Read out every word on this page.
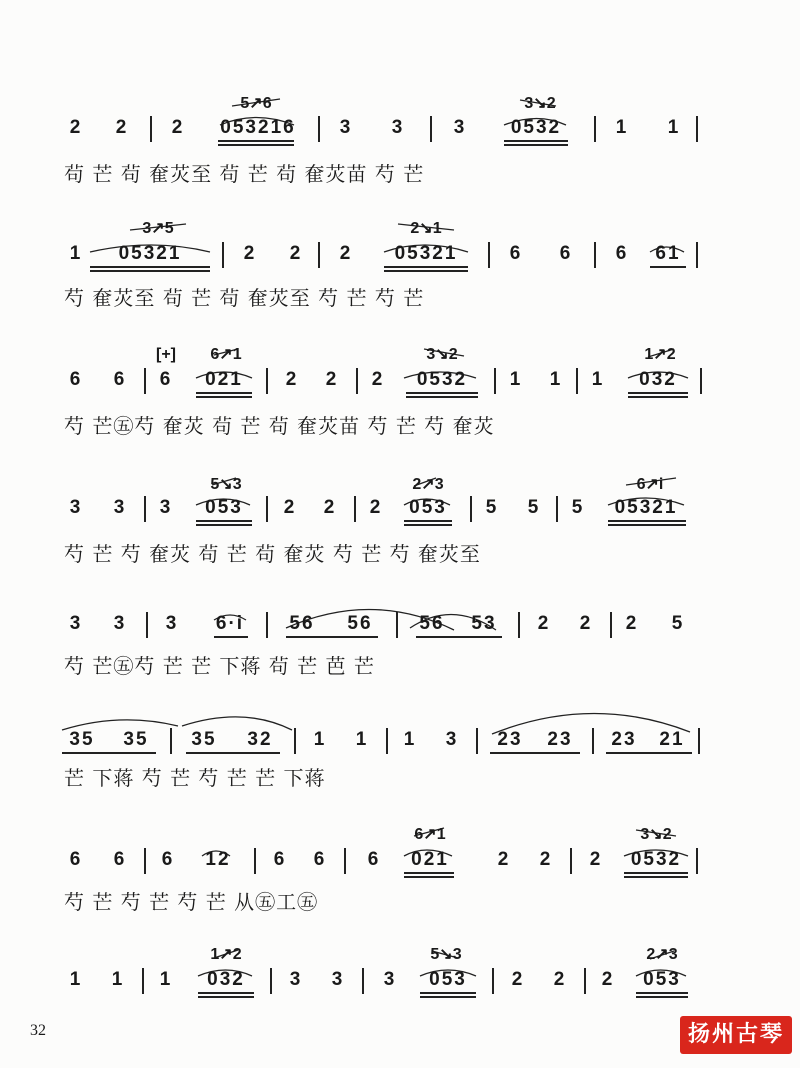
5↗6	3↘2
2 2 2 053216 3 3	3 0532	1 1
茍 芒 茍 奞苂至 茍 芒 茍 奞苂苗 芍 芒
3↗5	2↘1
1 05321	2 2 2 05321	6 6 6 61
芍 奞苂至 茍 芒 茍 奞苂至 芍 芒 芍 芒
[+] 6↗1	3↘2	1↗2
6 6 6 021 2 2 2 0532 1 1 1 032
芍 芒㊄芍 奞苂 茍 芒 茍 奞苂苗 芍 芒 芍 奞苂
5↘3	2↗3	6↗i
3 3 3 053 2 2 2 053 5 5 5 05321
芍 芒 芍 奞苂 茍 芒 茍 奞苂 芍 芒 芍 奞苂至
3 3 3 6·i 56 56 56 53 2 2 2 5
芍 芒㊄芍 芒 芒 下蒋 茍 芒 芭 芒
35 35 35 32 1 1 1 3 23 23 23 21
芒 下蒋 芍 芒 芍 芒 芒 下蒋
6↗1	3↘2
6 6 6 12 6 6 6 021	2 2 2 0532
芍 芒 芍 芒 芍 芒 从㊄工㊄
1↗2	5↘3	2↗3
1 1 1 032 3 3 3 053 2 2 2 053
32	扬州古琴
